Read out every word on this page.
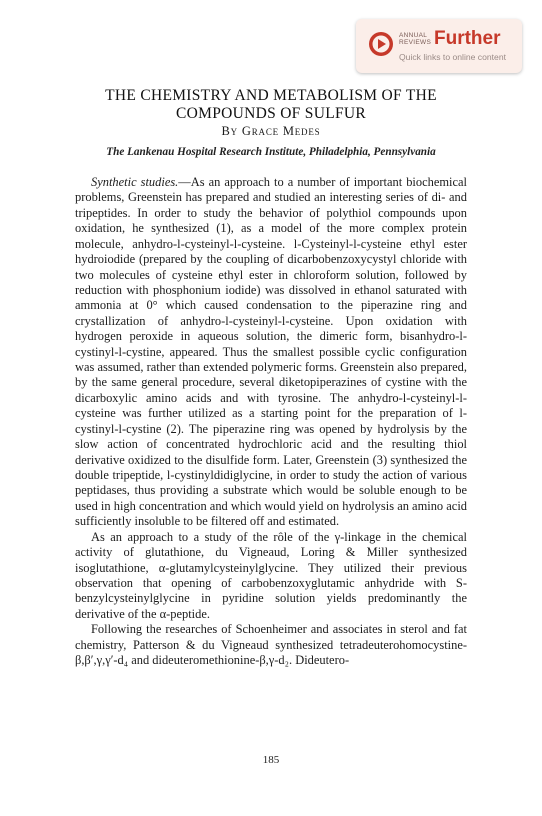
ANNUAL REVIEWS Further
Quick links to online content
THE CHEMISTRY AND METABOLISM OF THE
COMPOUNDS OF SULFUR
By Grace Medes
The Lankenau Hospital Research Institute, Philadelphia, Pennsylvania

Synthetic studies.—As an approach to a number of important biochemical problems, Greenstein has prepared and studied an interesting series of di- and tripeptides. In order to study the behavior of polythiol compounds upon oxidation, he synthesized (1), as a model of the more complex protein molecule, anhydro-l-cysteinyl-l-cysteine. l-Cysteinyl-l-cysteine ethyl ester hydroiodide (prepared by the coupling of dicarbobenzoxycystyl chloride with two molecules of cysteine ethyl ester in chloroform solution, followed by reduction with phosphonium iodide) was dissolved in ethanol saturated with ammonia at 0° which caused condensation to the piperazine ring and crystallization of anhydro-l-cysteinyl-l-cysteine. Upon oxidation with hydrogen peroxide in aqueous solution, the dimeric form, bisanhydro-l-cystinyl-l-cystine, appeared. Thus the smallest possible cyclic configuration was assumed, rather than extended polymeric forms. Greenstein also prepared, by the same general procedure, several diketopiperazines of cystine with the dicarboxylic amino acids and with tyrosine. The anhydro-l-cysteinyl-l-cysteine was further utilized as a starting point for the preparation of l-cystinyl-l-cystine (2). The piperazine ring was opened by hydrolysis by the slow action of concentrated hydrochloric acid and the resulting thiol derivative oxidized to the disulfide form. Later, Greenstein (3) synthesized the double tripeptide, l-cystinyldidiglycine, in order to study the action of various peptidases, thus providing a substrate which would be soluble enough to be used in high concentration and which would yield on hydrolysis an amino acid sufficiently insoluble to be filtered off and estimated.

As an approach to a study of the rôle of the γ-linkage in the chemical activity of glutathione, du Vigneaud, Loring & Miller synthesized isoglutathione, α-glutamylcysteinylglycine. They utilized their previous observation that opening of carbobenzoxyglutamic anhydride with S-benzylcysteinylglycine in pyridine solution yields predominantly the derivative of the α-peptide.

Following the researches of Schoenheimer and associates in sterol and fat chemistry, Patterson & du Vigneaud synthesized tetradeuterohomocystine-β,β′,γ,γ′-d₄ and dideuteromethionine-β,γ-d₂. Dideutero-

185
